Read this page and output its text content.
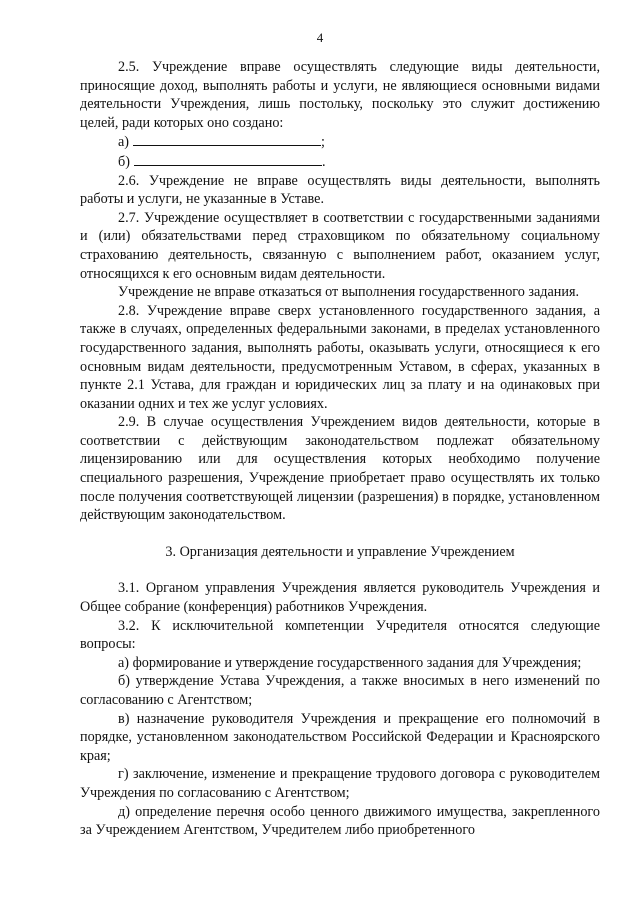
4

2.5. Учреждение вправе осуществлять следующие виды деятельности, приносящие доход, выполнять работы и услуги, не являющиеся основными видами деятельности Учреждения, лишь постольку, поскольку это служит достижению целей, ради которых оно создано:

а)	;
б)	.

2.6. Учреждение не вправе осуществлять виды деятельности, выполнять работы и услуги, не указанные в Уставе.

2.7. Учреждение осуществляет в соответствии с государственными заданиями и (или) обязательствами перед страховщиком по обязательному социальному страхованию деятельность, связанную с выполнением работ, оказанием услуг, относящихся к его основным видам деятельности.

Учреждение не вправе отказаться от выполнения государственного задания.

2.8. Учреждение вправе сверх установленного государственного задания, а также в случаях, определенных федеральными законами, в пределах установленного государственного задания, выполнять работы, оказывать услуги, относящиеся к его основным видам деятельности, предусмотренным Уставом, в сферах, указанных в пункте 2.1 Устава, для граждан и юридических лиц за плату и на одинаковых при оказании одних и тех же услуг условиях.

2.9. В случае осуществления Учреждением видов деятельности, которые в соответствии с действующим законодательством подлежат обязательному лицензированию или для осуществления которых необходимо получение специального разрешения, Учреждение приобретает право осуществлять их только после получения соответствующей лицензии (разрешения) в порядке, установленном действующим законодательством.

3. Организация деятельности и управление Учреждением

3.1. Органом управления Учреждения является руководитель Учреждения и Общее собрание (конференция) работников Учреждения.

3.2. К исключительной компетенции Учредителя относятся следующие вопросы:

а) формирование и утверждение государственного задания для Учреждения;

б) утверждение Устава Учреждения, а также вносимых в него изменений по согласованию с Агентством;

в) назначение руководителя Учреждения и прекращение его полномочий в порядке, установленном законодательством Российской Федерации и Красноярского края;

г) заключение, изменение и прекращение трудового договора с руководителем Учреждения по согласованию с Агентством;

д) определение перечня особо ценного движимого имущества, закрепленного за Учреждением Агентством, Учредителем либо приобретенного
